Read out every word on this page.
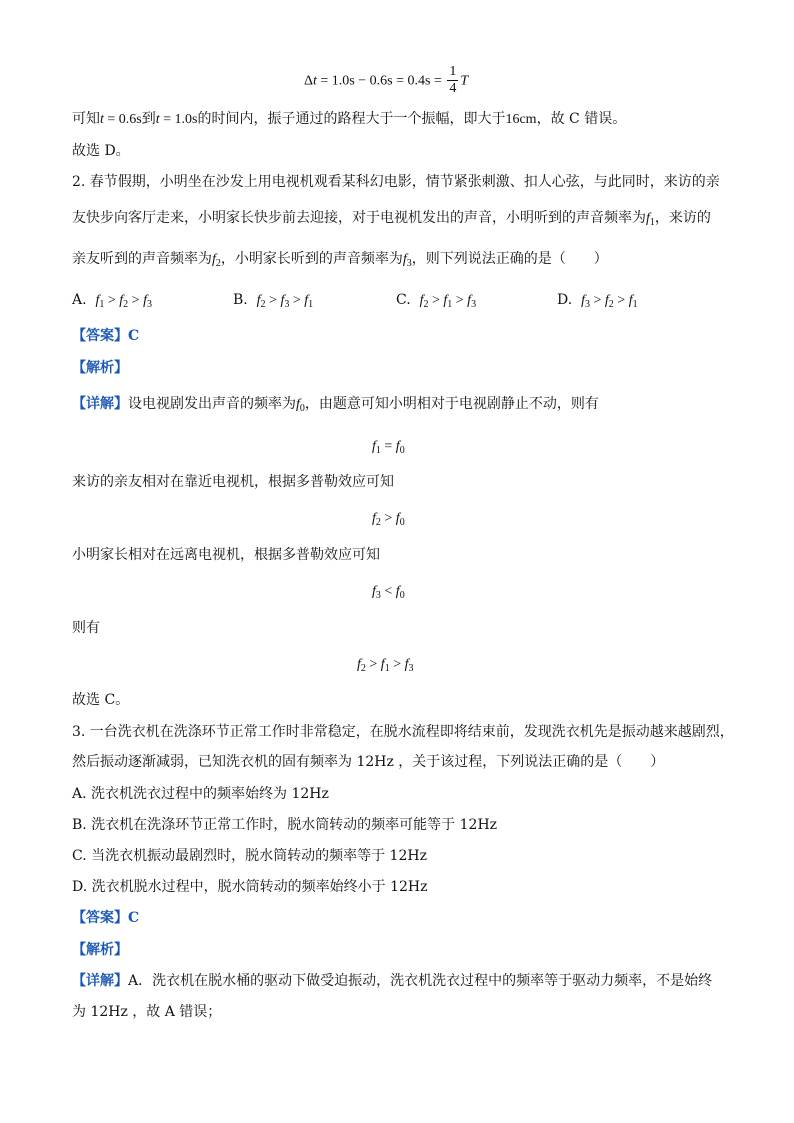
$\Delta t = 1.0s - 0.6s = 0.4s = \frac{1}{4}$ T
可知t = 0.6s到t = 1.0s的时间内，振子通过的路程大于一个振幅，即大于16cm，故 C 错误。
故选 D。
2. 春节假期，小明坐在沙发上用电视机观看某科幻电影，情节紧张刺激、扣人心弦，与此同时，来访的亲
友快步向客厅走来，小明家长快步前去迎接，对于电视机发出的声音，小明听到的声音频率为$f_1$，来访的
亲友听到的声音频率为$f_2$，小明家长听到的声音频率为$f_3$，则下列说法正确的是（　　）
A. $f_1 > f_2 > f_3$	B. $f_2 > f_3 > f_1$	C. $f_2 > f_1 > f_3$	D. $f_3 > f_2 > f_1$
【答案】C
【解析】
【详解】设电视剧发出声音的频率为$f_0$，由题意可知小明相对于电视剧静止不动，则有
$f_1 = f_0$
来访的亲友相对在靠近电视机，根据多普勒效应可知
$f_2 > f_0$
小明家长相对在远离电视机，根据多普勒效应可知
$f_3 < f_0$
则有
$f_2 > f_1 > f_3$
故选 C。
3. 一台洗衣机在洗涤环节正常工作时非常稳定，在脱水流程即将结束前，发现洗衣机先是振动越来越剧烈，
然后振动逐渐减弱，已知洗衣机的固有频率为 12Hz ，关于该过程，下列说法正确的是（　　）
A. 洗衣机洗衣过程中的频率始终为 12Hz
B. 洗衣机在洗涤环节正常工作时，脱水筒转动的频率可能等于 12Hz
C. 当洗衣机振动最剧烈时，脱水筒转动的频率等于 12Hz
D. 洗衣机脱水过程中，脱水筒转动的频率始终小于 12Hz
【答案】C
【解析】
【详解】A．洗衣机在脱水桶的驱动下做受迫振动，洗衣机洗衣过程中的频率等于驱动力频率，不是始终
为 12Hz ，故 A 错误；
